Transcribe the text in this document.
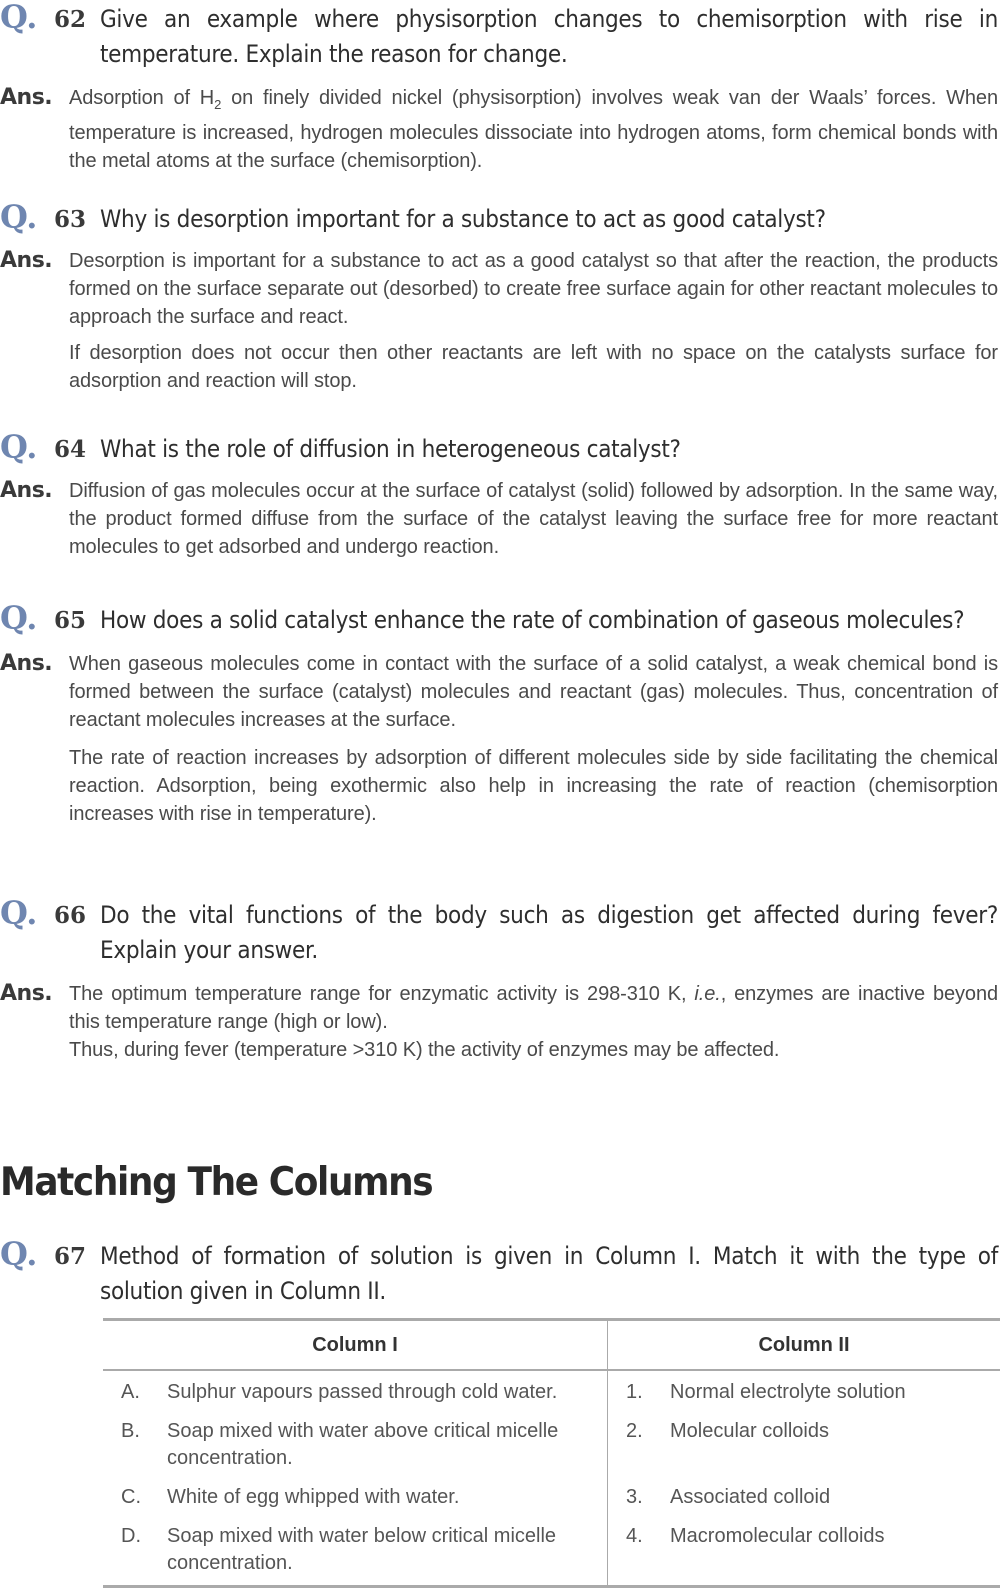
Q. 62 Give an example where physisorption changes to chemisorption with rise in temperature. Explain the reason for change.
Ans. Adsorption of $H_2$ on finely divided nickel (physisorption) involves weak van der Waals’ forces. When temperature is increased, hydrogen molecules dissociate into hydrogen atoms, form chemical bonds with the metal atoms at the surface (chemisorption).

Q. 63 Why is desorption important for a substance to act as good catalyst?
Ans. Desorption is important for a substance to act as a good catalyst so that after the reaction, the products formed on the surface separate out (desorbed) to create free surface again for other reactant molecules to approach the surface and react.

If desorption does not occur then other reactants are left with no space on the catalysts surface for adsorption and reaction will stop.

Q. 64 What is the role of diffusion in heterogeneous catalyst?
Ans. Diffusion of gas molecules occur at the surface of catalyst (solid) followed by adsorption. In the same way, the product formed diffuse from the surface of the catalyst leaving the surface free for more reactant molecules to get adsorbed and undergo reaction.

Q. 65 How does a solid catalyst enhance the rate of combination of gaseous molecules?
Ans. When gaseous molecules come in contact with the surface of a solid catalyst, a weak chemical bond is formed between the surface (catalyst) molecules and reactant (gas) molecules. Thus, concentration of reactant molecules increases at the surface.

The rate of reaction increases by adsorption of different molecules side by side facilitating the chemical reaction. Adsorption, being exothermic also help in increasing the rate of reaction (chemisorption increases with rise in temperature).

Q. 66 Do the vital functions of the body such as digestion get affected during fever? Explain your answer.
Ans. The optimum temperature range for enzymatic activity is 298-310 K, i.e., enzymes are inactive beyond this temperature range (high or low).

Thus, during fever (temperature >310 K) the activity of enzymes may be affected.

Matching The Columns
Q. 67 Method of formation of solution is given in Column I. Match it with the type of solution given in Column II.
Column I		Column II	
A.	Sulphur vapours passed through cold water.	1.	Normal electrolyte solution
B.	Soap mixed with water above critical micelle concentration.	2.	Molecular colloids
C.	White of egg whipped with water.	3.	Associated colloid
D.	Soap mixed with water below critical micelle concentration.	4.	Macromolecular colloids
